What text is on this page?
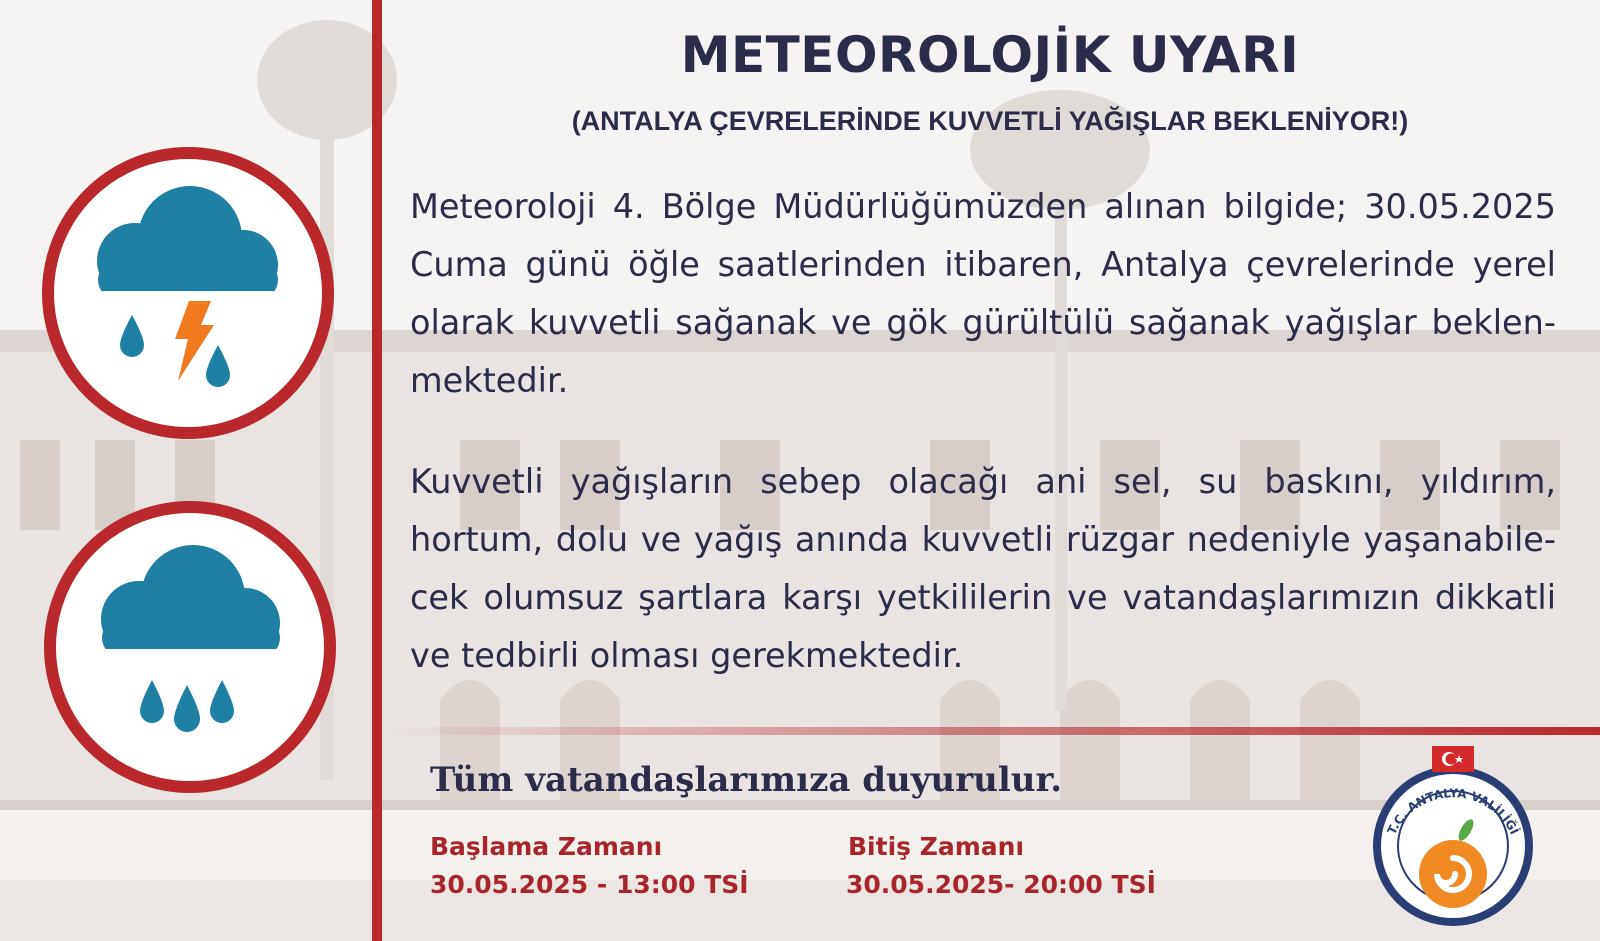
METEOROLOJİK UYARI

(ANTALYA ÇEVRELERİNDE KUVVETLİ YAĞIŞLAR BEKLENİYOR!)

Meteoroloji 4. Bölge Müdürlüğümüzden alınan bilgide; 30.05.2025 Cuma günü öğle saatlerinden itibaren, Antalya çevrelerinde yerel olarak kuvvetli sağanak ve gök gürültülü sağanak yağışlar beklenmektedir.

Kuvvetli yağışların sebep olacağı ani sel, su baskını, yıldırım, hortum, dolu ve yağış anında kuvvetli rüzgar nedeniyle yaşanabilecek olumsuz şartlara karşı yetkililerin ve vatandaşlarımızın dikkatli ve tedbirli olması gerekmektedir.

Tüm vatandaşlarımıza duyurulur.

Başlama Zamanı

30.05.2025 - 13:00 TSİ

Bitiş Zamanı

30.05.2025- 20:00 TSİ

T.C. ANTALYA VALİLİĞİ
